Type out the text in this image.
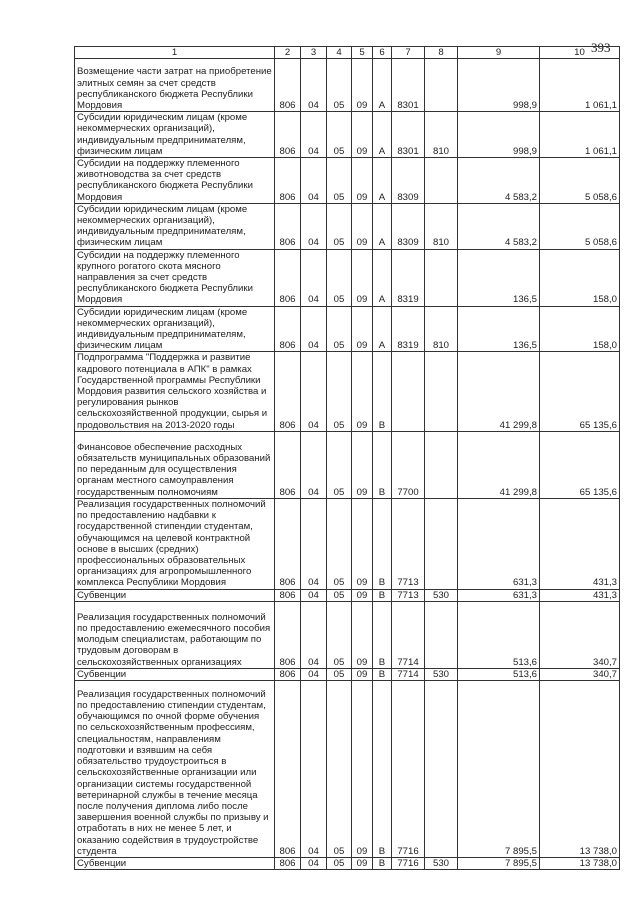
393
1	2	3	4	5	6	7	8	9	10
Возмещение части затрат на приобретение элитных семян за счет средств республиканского бюджета Республики Мордовия	806	04	05	09	А	8301		998,9	1 061,1
Субсидии юридическим лицам (кроме некоммерческих организаций), индивидуальным предпринимателям, физическим лицам	806	04	05	09	А	8301	810	998,9	1 061,1
Субсидии на поддержку племенного животноводства за счет средств республиканского бюджета Республики Мордовия	806	04	05	09	А	8309		4 583,2	5 058,6
Субсидии юридическим лицам (кроме некоммерческих организаций), индивидуальным предпринимателям, физическим лицам	806	04	05	09	А	8309	810	4 583,2	5 058,6
Субсидии на поддержку племенного крупного рогатого скота мясного направления за счет средств республиканского бюджета Республики Мордовия	806	04	05	09	А	8319		136,5	158,0
Субсидии юридическим лицам (кроме некоммерческих организаций), индивидуальным предпринимателям, физическим лицам	806	04	05	09	А	8319	810	136,5	158,0
Подпрограмма "Поддержка и развитие кадрового потенциала в АПК" в рамках Государственной программы Республики Мордовия развития сельского хозяйства и регулирования рынков сельскохозяйственной продукции, сырья и продовольствия на 2013-2020 годы	806	04	05	09	В			41 299,8	65 135,6
Финансовое обеспечение расходных обязательств муниципальных образований по переданным для осуществления органам местного самоуправления государственным полномочиям	806	04	05	09	В	7700		41 299,8	65 135,6
Реализация государственных полномочий по предоставлению надбавки к государственной стипендии студентам, обучающимся на целевой контрактной основе в высших (средних) профессиональных образовательных организациях для агропромышленного комплекса Республики Мордовия	806	04	05	09	В	7713		631,3	431,3
Субвенции	806	04	05	09	В	7713	530	631,3	431,3
Реализация государственных полномочий по предоставлению ежемесячного пособия молодым специалистам, работающим по трудовым договорам в сельскохозяйственных организациях	806	04	05	09	В	7714		513,6	340,7
Субвенции	806	04	05	09	В	7714	530	513,6	340,7
Реализация государственных полномочий по предоставлению стипендии студентам, обучающимся по очной форме обучения по сельскохозяйственным профессиям, специальностям, направлениям подготовки и взявшим на себя обязательство трудоустроиться в сельскохозяйственные организации или организации системы государственной ветеринарной службы в течение месяца после получения диплома либо после завершения военной службы по призыву и отработать в них не менее 5 лет, и оказанию содействия в трудоустройстве студента	806	04	05	09	В	7716		7 895,5	13 738,0
Субвенции	806	04	05	09	В	7716	530	7 895,5	13 738,0
